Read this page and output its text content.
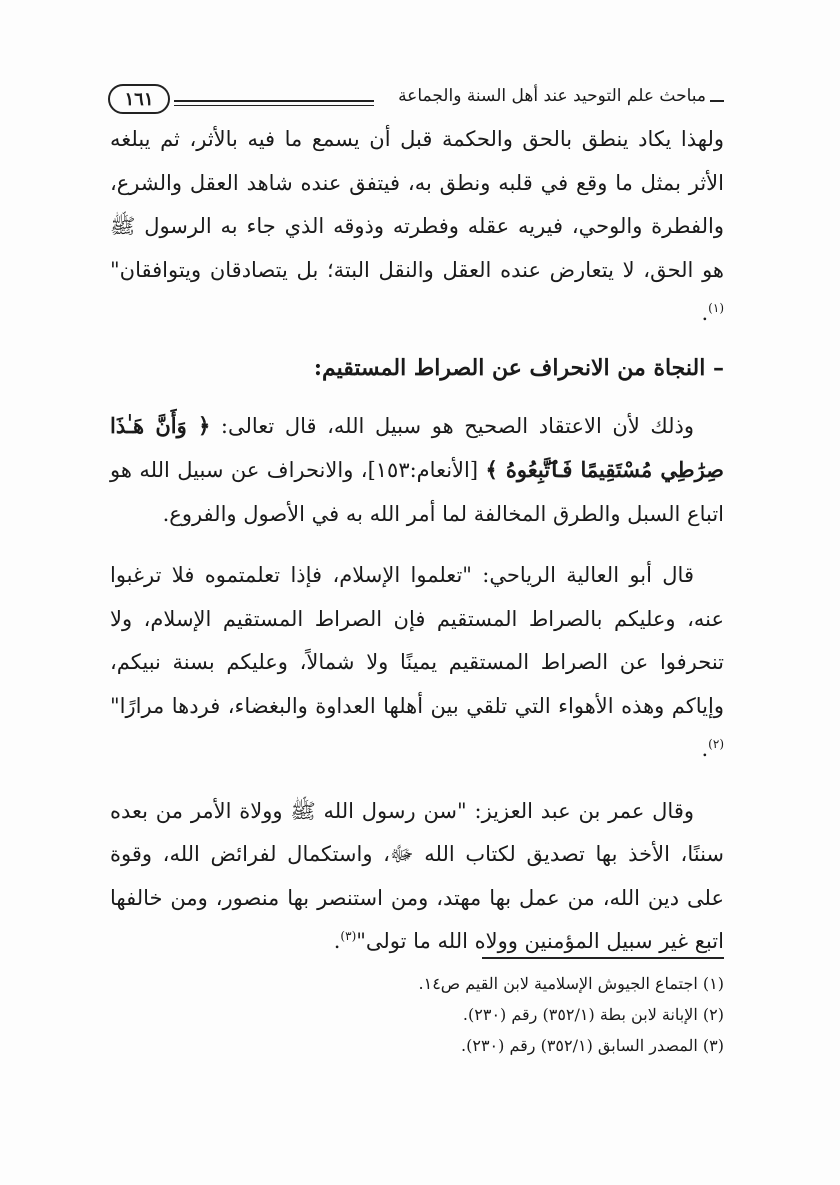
مباحث علم التوحيد عند أهل السنة والجماعة
١٦١

ولهذا يكاد ينطق بالحق والحكمة قبل أن يسمع ما فيه بالأثر، ثم يبلغه الأثر بمثل ما وقع في قلبه ونطق به، فيتفق عنده شاهد العقل والشرع، والفطرة والوحي، فيريه عقله وفطرته وذوقه الذي جاء به الرسول ﷺ هو الحق، لا يتعارض عنده العقل والنقل البتة؛ بل يتصادقان ويتوافقان"$^{(١)}$.

– النجاة من الانحراف عن الصراط المستقيم:

وذلك لأن الاعتقاد الصحيح هو سبيل الله، قال تعالى: ﴿ وَأَنَّ هَـٰذَا صِرَٰطِي مُسْتَقِيمًا فَٱتَّبِعُوهُ ﴾ [الأنعام:١٥٣]، والانحراف عن سبيل الله هو اتباع السبل والطرق المخالفة لما أمر الله به في الأصول والفروع.

قال أبو العالية الرياحي: "تعلموا الإسلام، فإذا تعلمتموه فلا ترغبوا عنه، وعليكم بالصراط المستقيم فإن الصراط المستقيم الإسلام، ولا تنحرفوا عن الصراط المستقيم يمينًا ولا شمالاً، وعليكم بسنة نبيكم، وإياكم وهذه الأهواء التي تلقي بين أهلها العداوة والبغضاء، فردها مرارًا"$^{(٢)}$.

وقال عمر بن عبد العزيز: "سن رسول الله ﷺ وولاة الأمر من بعده سننًا، الأخذ بها تصديق لكتاب الله ﷻ، واستكمال لفرائض الله، وقوة على دين الله، من عمل بها مهتد، ومن استنصر بها منصور، ومن خالفها اتبع غير سبيل المؤمنين وولاه الله ما تولى"$^{(٣)}$.

(١) اجتماع الجيوش الإسلامية لابن القيم ص١٤.

(٢) الإبانة لابن بطة (٣٥٢/١) رقم (٢٣٠).

(٣) المصدر السابق (٣٥٢/١) رقم (٢٣٠).
